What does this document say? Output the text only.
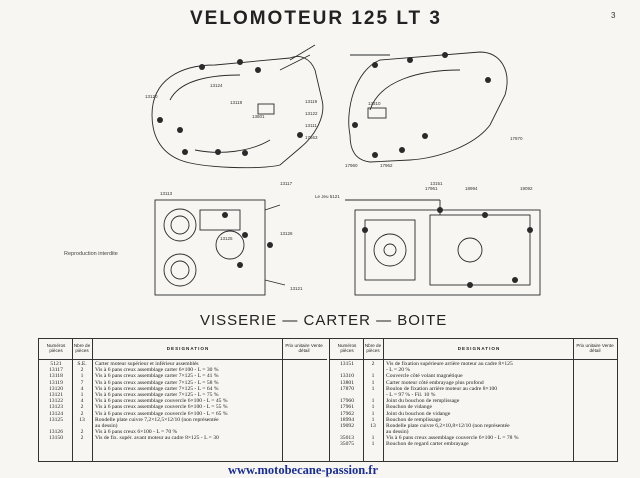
VELOMOTEUR 125 LT 3	3
13124
13120
13119
13122
13111
13118
13117	13151
13310
13125
13121
13126
17960	17962
17961	18994	19092
17870
13801
17663
13113
Le Jeu 5121
Reproduction interdite
VISSERIE — CARTER — BOITE
Numéros pièces
Nbre de pièces	DESIGNATION
Prix unitaire Vente détail
5121	S.E.	Carter moteur supérieur et inférieur assemblés
13117	2	Vis à 6 pans creux assemblage carter 6×100 - L = 30 %
13118	1	Vis à 6 pans creux assemblage carter 7×125 - L = 41 %
13119	7	Vis à 6 pans creux assemblage carter 7×125 - L = 58 %
13120	4	Vis à 6 pans creux assemblage carter 7×125 - L = 64 %
13121	1	Vis à 6 pans creux assemblage carter 7×125 - L = 75 %
13122	4	Vis à 6 pans creux assemblage couvercle 6×100 - L = 45 %
13123	2	Vis à 6 pans creux assemblage couvercle 6×100 - L = 55 %
13124	2	Vis à 6 pans creux assemblage couvercle 6×100 - L = 65 %
13125	13	Rondelle plate cuivre 7,2×12,5×12/10 (non représentée
au dessin)
13126	2	Vis à 6 pans creux 6×100 - L = 70 %
13150	2	Vis de fix. supér. avant moteur au cadre 8×125 - L = 30
Numéros pièces
Nbre de pièces	DESIGNATION
Prix unitaire Vente détail
13151	2	Vis de fixation supérieure arrière moteur au cadre 8×125
- L = 20 %
13310	1	Couvercle côté volant magnétique
13801	1	Carter moteur côté embrayage plus profond
17870	1	Boulon de fixation arrière moteur au cadre 8×100
- L = 97 % - Fil. 10 %
17960	1	Joint du bouchon de remplissage
17961	1	Bouchon de vidange
17962	1	Joint du bouchon de vidange
18994	1	Bouchon de remplissage
19092	13	Rondelle plate cuivre 6,2×10,8×12/10 (non représentée
au dessin)
35013	1	Vis à 6 pans creux assemblage couvercle 6×100 - L = 78 %
35075	1	Bouchon de regard carter embrayage
www.motobecane-passion.fr
